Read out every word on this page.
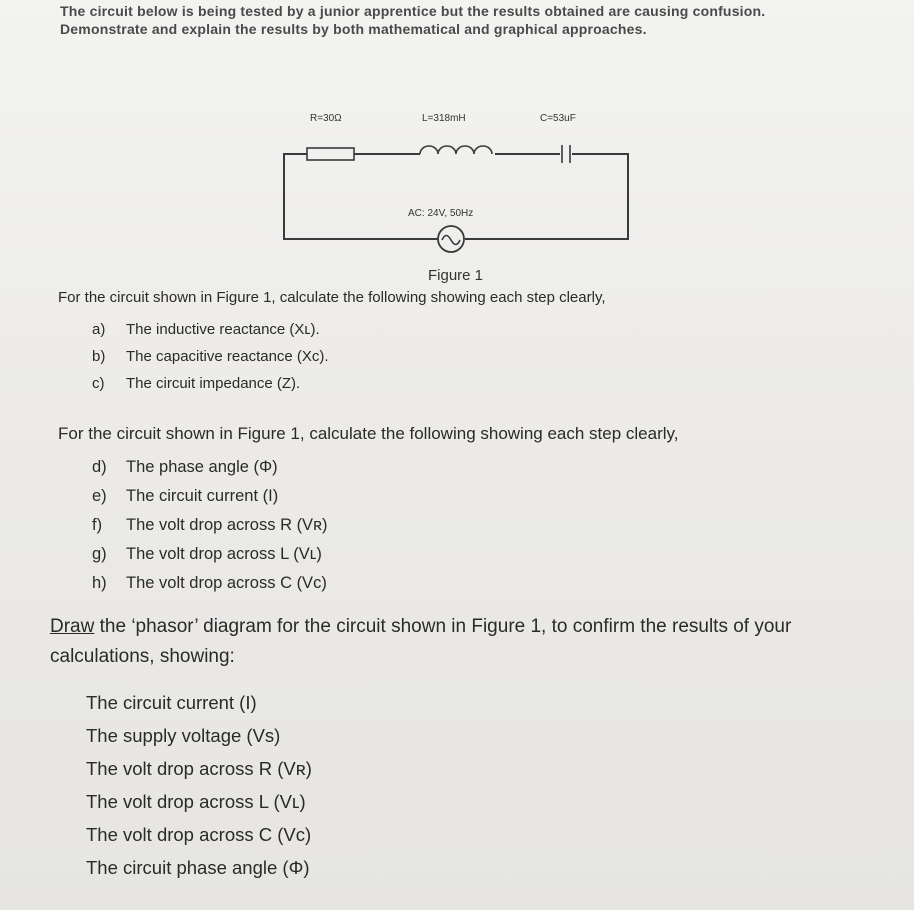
The circuit below is being tested by a junior apprentice but the results obtained are causing confusion. Demonstrate and explain the results by both mathematical and graphical approaches.

R=30Ω	L=318mH	C=53uF
AC: 24V, 50Hz
Figure 1

For the circuit shown in Figure 1, calculate the following showing each step clearly,

a) The inductive reactance (Xʟ).
b) The capacitive reactance (Xc).
c) The circuit impedance (Z).

For the circuit shown in Figure 1, calculate the following showing each step clearly,

d) The phase angle (Φ)
e) The circuit current (I)
f) The volt drop across R (Vʀ)
g) The volt drop across L (Vʟ)
h) The volt drop across C (Vc)

Draw the ‘phasor’ diagram for the circuit shown in Figure 1, to confirm the results of your calculations, showing:

The circuit current (I)
The supply voltage (Vs)
The volt drop across R (Vʀ)
The volt drop across L (Vʟ)
The volt drop across C (Vc)
The circuit phase angle (Φ)
